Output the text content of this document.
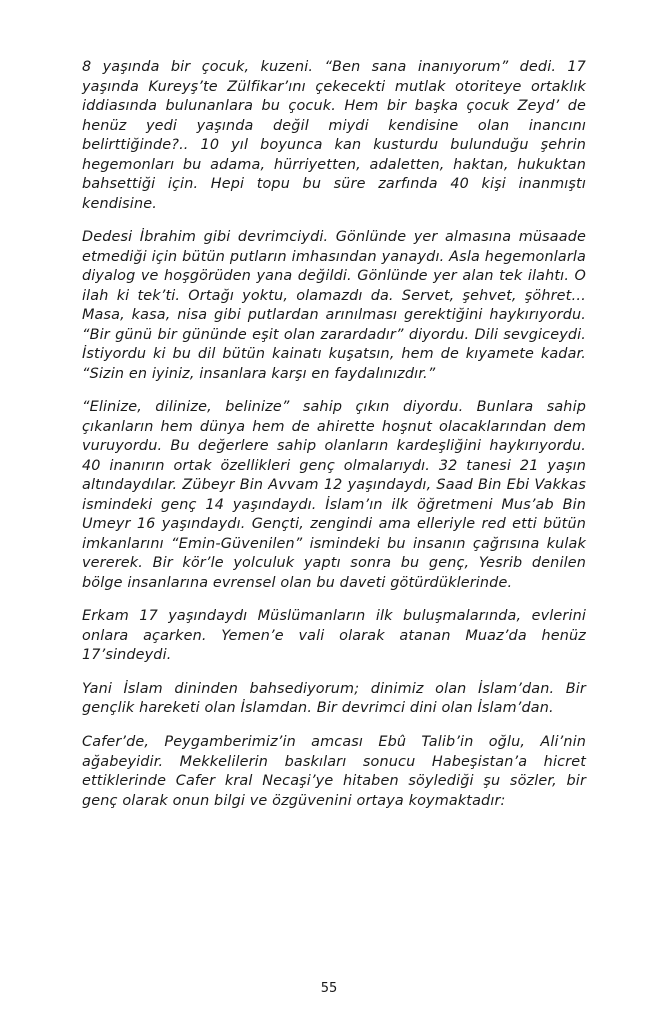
8 yaşında bir çocuk, kuzeni. “Ben sana inanıyorum” dedi. 17 yaşında Kureyş’te Zülfikar’ını çekecekti mutlak otoriteye ortaklık iddiasında bulunanlara bu çocuk. Hem bir başka çocuk Zeyd’ de henüz yedi yaşında değil miydi kendisine olan inancını belirttiğinde?.. 10 yıl boyunca kan kusturdu bulunduğu şehrin hegemonları bu adama, hürriyetten, adaletten, haktan, hukuktan bahsettiği için. Hepi topu bu süre zarfında 40 kişi inanmıştı kendisine.

Dedesi İbrahim gibi devrimciydi. Gönlünde yer almasına müsaade etmediği için bütün putların imhasından yanaydı. Asla hegemonlarla diyalog ve hoşgörüden yana değildi. Gönlünde yer alan tek ilahtı. O ilah ki tek’ti. Ortağı yoktu, olamazdı da. Servet, şehvet, şöhret…Masa, kasa, nisa gibi putlardan arınılması gerektiğini haykırıyordu. “Bir günü bir gününde eşit olan zarardadır” diyordu. Dili sevgiceydi. İstiyordu ki bu dil bütün kainatı kuşatsın, hem de kıyamete kadar. “Sizin en iyiniz, insanlara karşı en faydalınızdır.”

“Elinize, dilinize, belinize” sahip çıkın diyordu. Bunlara sahip çıkanların hem dünya hem de ahirette hoşnut olacaklarından dem vuruyordu. Bu değerlere sahip olanların kardeşliğini haykırıyordu. 40 inanırın ortak özellikleri genç olmalarıydı. 32 tanesi 21 yaşın altındaydılar. Zübeyr Bin Avvam 12 yaşındaydı, Saad Bin Ebi Vakkas ismindeki genç 14 yaşındaydı. İslam’ın ilk öğretmeni Mus’ab Bin Umeyr 16 yaşındaydı. Gençti, zengindi ama elleriyle red etti bütün imkanlarını “Emin-Güvenilen” ismindeki bu insanın çağrısına kulak vererek. Bir kör’le yolculuk yaptı sonra bu genç, Yesrib denilen bölge insanlarına evrensel olan bu daveti götürdüklerinde.

Erkam 17 yaşındaydı Müslümanların ilk buluşmalarında, evlerini onlara açarken. Yemen’e vali olarak atanan Muaz’da henüz 17’sindeydi.

Yani İslam dininden bahsediyorum; dinimiz olan İslam’dan. Bir gençlik hareketi olan İslamdan. Bir devrimci dini olan İslam’dan.

Cafer’de, Peygamberimiz’in amcası Ebû Talib’in oğlu, Ali’nin ağabeyidir. Mekkelilerin baskıları sonucu Habeşistan’a hicret ettiklerinde Cafer kral Necaşi’ye hitaben söylediği şu sözler, bir genç olarak onun bilgi ve özgüvenini ortaya koymaktadır:

55
